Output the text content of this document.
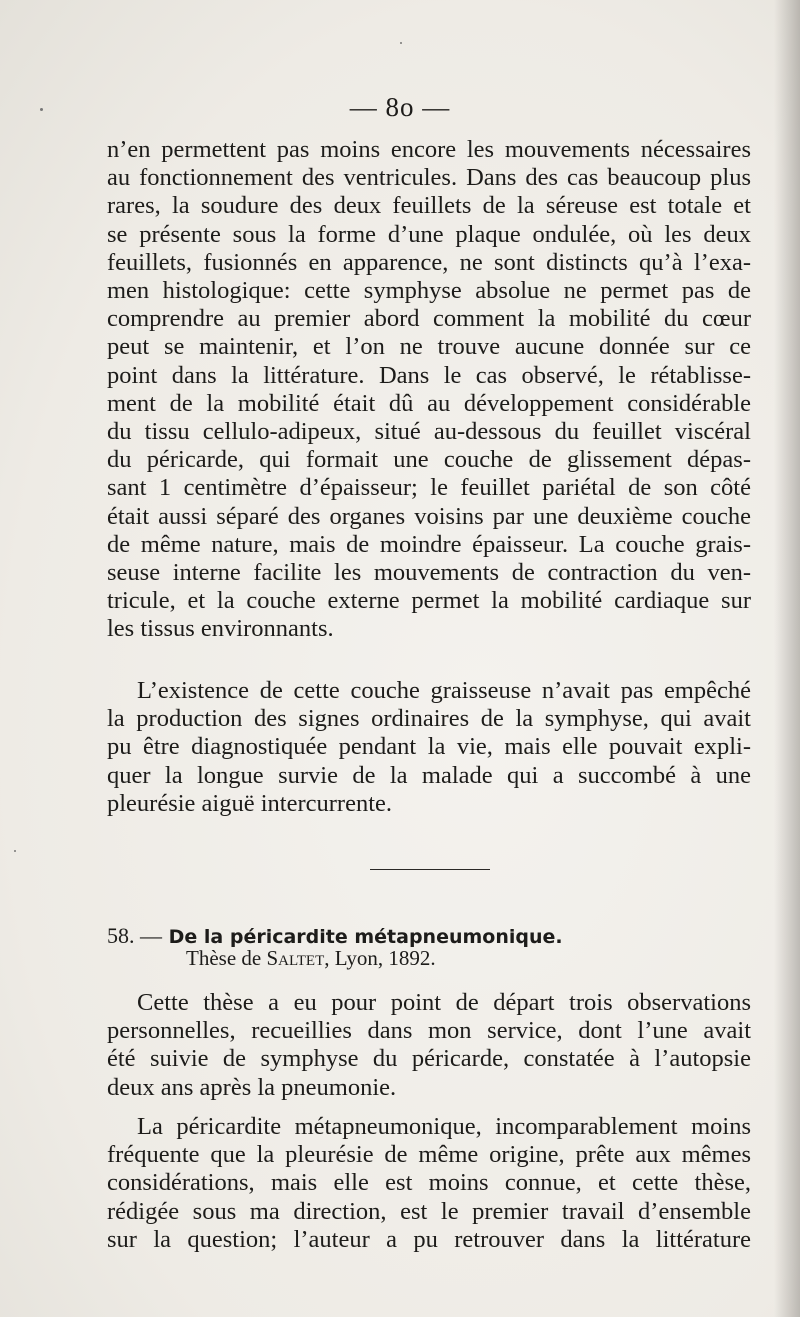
— 8o —
n’en permettent pas moins encore les mouvements nécessaires
au fonctionnement des ventricules. Dans des cas beaucoup plus
rares, la soudure des deux feuillets de la séreuse est totale et
se présente sous la forme d’une plaque ondulée, où les deux
feuillets, fusionnés en apparence, ne sont distincts qu’à l’exa-
men histologique: cette symphyse absolue ne permet pas de
comprendre au premier abord comment la mobilité du cœur
peut se maintenir, et l’on ne trouve aucune donnée sur ce
point dans la littérature. Dans le cas observé, le rétablisse-
ment de la mobilité était dû au développement considérable
du tissu cellulo-adipeux, situé au-dessous du feuillet viscéral
du péricarde, qui formait une couche de glissement dépas-
sant 1 centimètre d’épaisseur; le feuillet pariétal de son côté
était aussi séparé des organes voisins par une deuxième couche
de même nature, mais de moindre épaisseur. La couche grais-
seuse interne facilite les mouvements de contraction du ven-
tricule, et la couche externe permet la mobilité cardiaque sur
les tissus environnants.
L’existence de cette couche graisseuse n’avait pas empêché
la production des signes ordinaires de la symphyse, qui avait
pu être diagnostiquée pendant la vie, mais elle pouvait expli-
quer la longue survie de la malade qui a succombé à une
pleurésie aiguë intercurrente.
58. — De la péricardite métapneumonique.
Thèse de Saltet, Lyon, 1892.
Cette thèse a eu pour point de départ trois observations
personnelles, recueillies dans mon service, dont l’une avait
été suivie de symphyse du péricarde, constatée à l’autopsie
deux ans après la pneumonie.
La péricardite métapneumonique, incomparablement moins
fréquente que la pleurésie de même origine, prête aux mêmes
considérations, mais elle est moins connue, et cette thèse,
rédigée sous ma direction, est le premier travail d’ensemble
sur la question; l’auteur a pu retrouver dans la littérature
